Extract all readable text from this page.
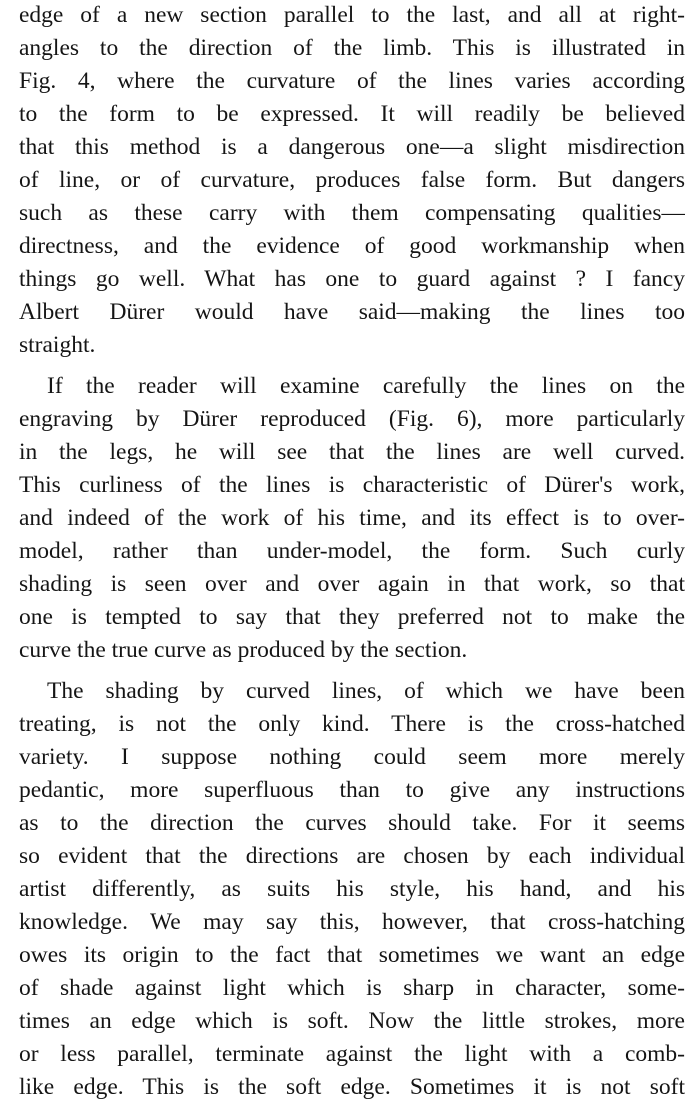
edge of a new section parallel to the last, and all at right-
angles to the direction of the limb. This is illustrated in
Fig. 4, where the curvature of the lines varies according
to the form to be expressed. It will readily be believed
that this method is a dangerous one—a slight misdirection
of line, or of curvature, produces false form. But dangers
such as these carry with them compensating qualities—
directness, and the evidence of good workmanship when
things go well. What has one to guard against ? I fancy
Albert Dürer would have said—making the lines too
straight.
If the reader will examine carefully the lines on the
engraving by Dürer reproduced (Fig. 6), more particularly
in the legs, he will see that the lines are well curved.
This curliness of the lines is characteristic of Dürer's work,
and indeed of the work of his time, and its effect is to over-
model, rather than under-model, the form. Such curly
shading is seen over and over again in that work, so that
one is tempted to say that they preferred not to make the
curve the true curve as produced by the section.
The shading by curved lines, of which we have been
treating, is not the only kind. There is the cross-hatched
variety. I suppose nothing could seem more merely
pedantic, more superfluous than to give any instructions
as to the direction the curves should take. For it seems
so evident that the directions are chosen by each individual
artist differently, as suits his style, his hand, and his
knowledge. We may say this, however, that cross-hatching
owes its origin to the fact that sometimes we want an edge
of shade against light which is sharp in character, some-
times an edge which is soft. Now the little strokes, more
or less parallel, terminate against the light with a comb-
like edge. This is the soft edge. Sometimes it is not soft
